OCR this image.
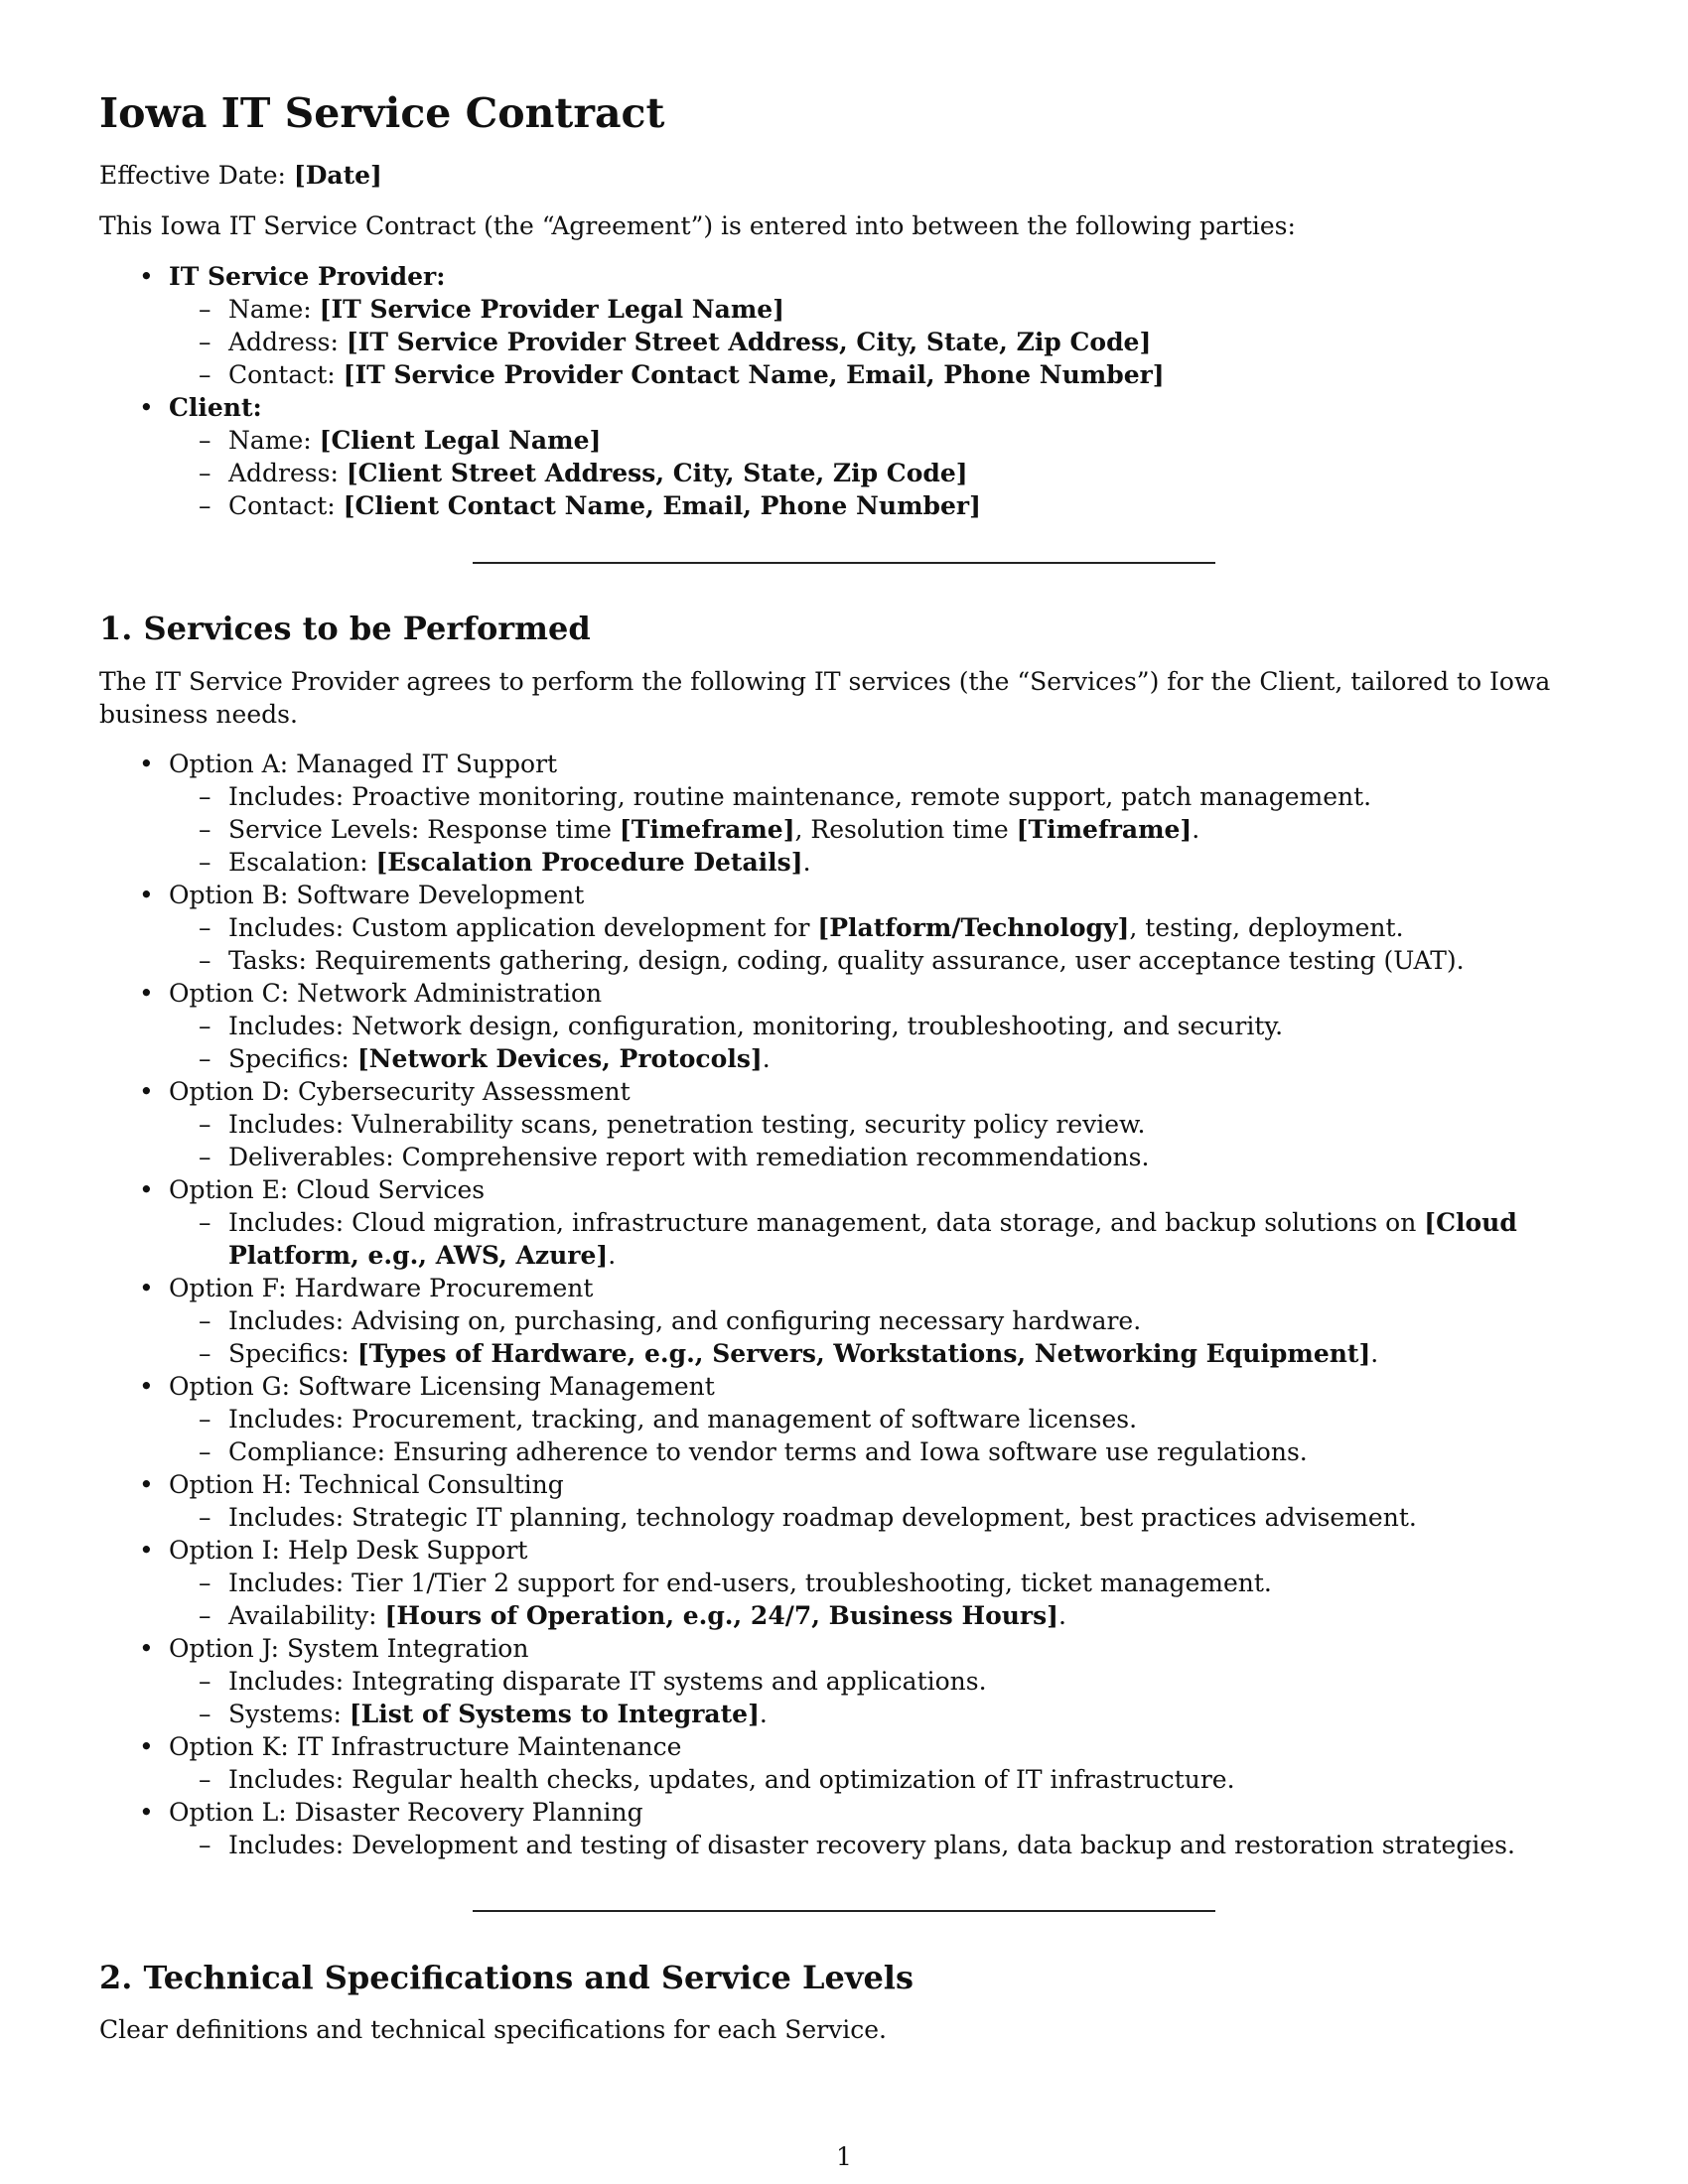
Iowa IT Service Contract

Effective Date: [Date]

This Iowa IT Service Contract (the “Agreement”) is entered into between the following parties:

• IT Service Provider:
– Name: [IT Service Provider Legal Name]
– Address: [IT Service Provider Street Address, City, State, Zip Code]
– Contact: [IT Service Provider Contact Name, Email, Phone Number]
• Client:
– Name: [Client Legal Name]
– Address: [Client Street Address, City, State, Zip Code]
– Contact: [Client Contact Name, Email, Phone Number]
1. Services to be Performed

The IT Service Provider agrees to perform the following IT services (the “Services”) for the Client, tailored to Iowa business needs.

• Option A: Managed IT Support
– Includes: Proactive monitoring, routine maintenance, remote support, patch management.
– Service Levels: Response time [Timeframe], Resolution time [Timeframe].
– Escalation: [Escalation Procedure Details].
• Option B: Software Development
– Includes: Custom application development for [Platform/Technology], testing, deployment.
– Tasks: Requirements gathering, design, coding, quality assurance, user acceptance testing (UAT).
• Option C: Network Administration
– Includes: Network design, configuration, monitoring, troubleshooting, and security.
– Specifics: [Network Devices, Protocols].
• Option D: Cybersecurity Assessment
– Includes: Vulnerability scans, penetration testing, security policy review.
– Deliverables: Comprehensive report with remediation recommendations.
• Option E: Cloud Services
– Includes: Cloud migration, infrastructure management, data storage, and backup solutions on [Cloud Platform, e.g., AWS, Azure].
• Option F: Hardware Procurement
– Includes: Advising on, purchasing, and configuring necessary hardware.
– Specifics: [Types of Hardware, e.g., Servers, Workstations, Networking Equipment].
• Option G: Software Licensing Management
– Includes: Procurement, tracking, and management of software licenses.
– Compliance: Ensuring adherence to vendor terms and Iowa software use regulations.
• Option H: Technical Consulting
– Includes: Strategic IT planning, technology roadmap development, best practices advisement.
• Option I: Help Desk Support
– Includes: Tier 1/Tier 2 support for end-users, troubleshooting, ticket management.
– Availability: [Hours of Operation, e.g., 24/7, Business Hours].
• Option J: System Integration
– Includes: Integrating disparate IT systems and applications.
– Systems: [List of Systems to Integrate].
• Option K: IT Infrastructure Maintenance
– Includes: Regular health checks, updates, and optimization of IT infrastructure.
• Option L: Disaster Recovery Planning
– Includes: Development and testing of disaster recovery plans, data backup and restoration strategies.
2. Technical Specifications and Service Levels

Clear definitions and technical specifications for each Service.

1
